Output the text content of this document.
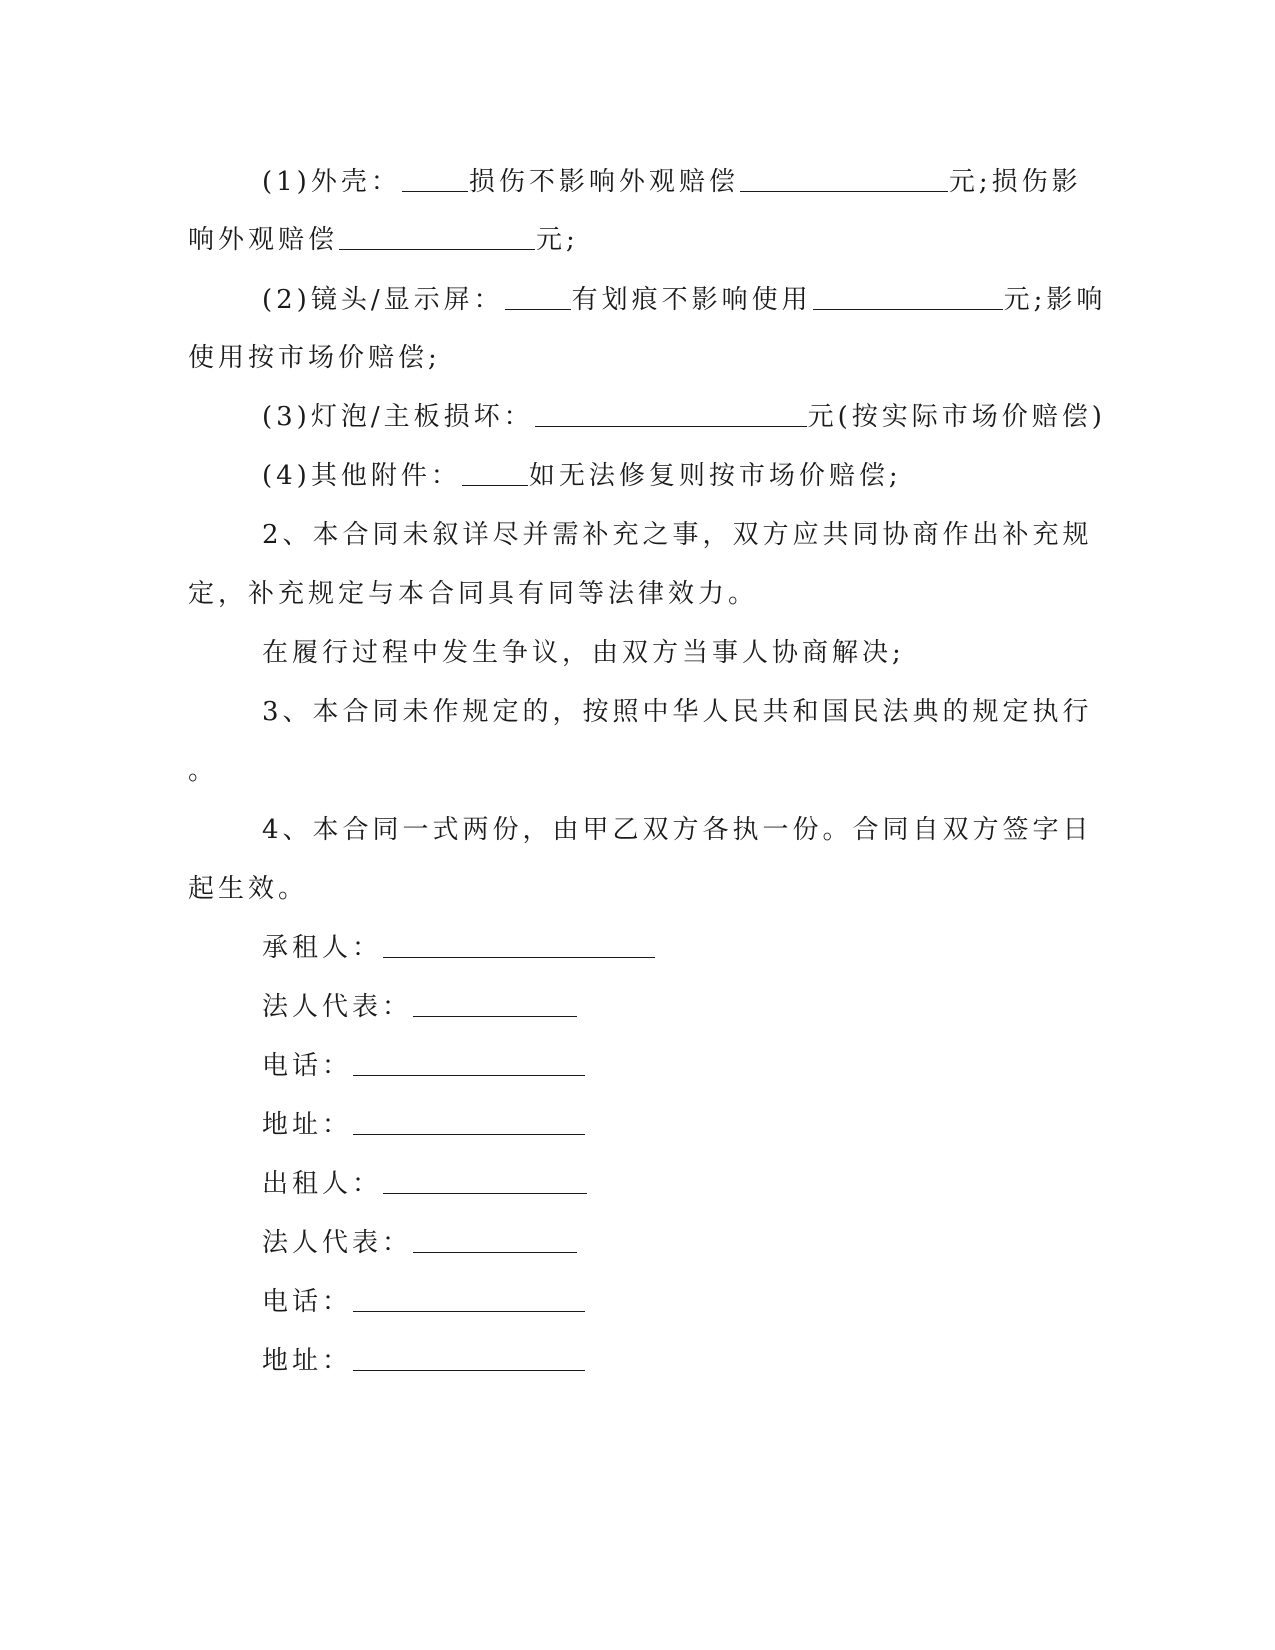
(1)外壳：	损伤不影响外观赔偿	元;损伤影
响外观赔偿	元;
(2)镜头/显示屏：	有划痕不影响使用	元;影响
使用按市场价赔偿;
(3)灯泡/主板损坏：	元(按实际市场价赔偿)
(4)其他附件：	如无法修复则按市场价赔偿;
2、本合同未叙详尽并需补充之事，双方应共同协商作出补充规
定，补充规定与本合同具有同等法律效力。
在履行过程中发生争议，由双方当事人协商解决;
3、本合同未作规定的，按照中华人民共和国民法典的规定执行
。
4、本合同一式两份，由甲乙双方各执一份。合同自双方签字日
起生效。
承租人：
法人代表：
电话：
地址：
出租人：
法人代表：
电话：
地址：
